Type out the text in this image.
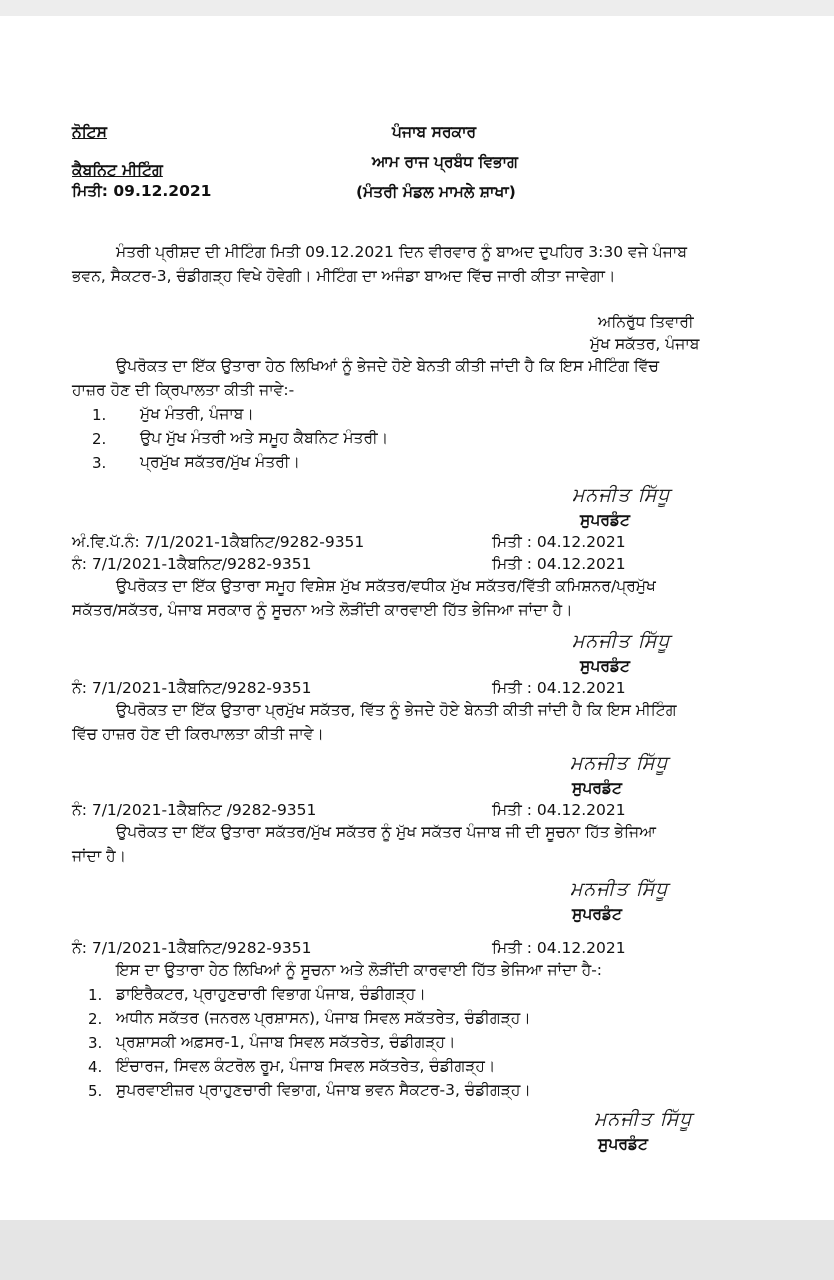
ਨੋਟਿਸ
ਕੈਬਨਿਟ ਮੀਟਿੰਗ
ਮਿਤੀ: 09.12.2021
ਪੰਜਾਬ ਸਰਕਾਰ
ਆਮ ਰਾਜ ਪ੍ਰਬੰਧ ਵਿਭਾਗ
(ਮੰਤਰੀ ਮੰਡਲ ਮਾਮਲੇ ਸ਼ਾਖਾ)
ਮੰਤਰੀ ਪ੍ਰੀਸ਼ਦ ਦੀ ਮੀਟਿੰਗ ਮਿਤੀ 09.12.2021 ਦਿਨ ਵੀਰਵਾਰ ਨੂੰ ਬਾਅਦ ਦੁਪਹਿਰ 3:30 ਵਜੇ ਪੰਜਾਬ
ਭਵਨ, ਸੈਕਟਰ-3, ਚੰਡੀਗੜ੍ਹ ਵਿਖੇ ਹੋਵੇਗੀ। ਮੀਟਿੰਗ ਦਾ ਅਜੰਡਾ ਬਾਅਦ ਵਿੱਚ ਜਾਰੀ ਕੀਤਾ ਜਾਵੇਗਾ।
ਅਨਿਰੁੱਧ ਤਿਵਾਰੀ
ਮੁੱਖ ਸਕੱਤਰ, ਪੰਜਾਬ
ਉਪਰੋਕਤ ਦਾ ਇੱਕ ਉਤਾਰਾ ਹੇਠ ਲਿਖਿਆਂ ਨੂੰ ਭੇਜਦੇ ਹੋਏ ਬੇਨਤੀ ਕੀਤੀ ਜਾਂਦੀ ਹੈ ਕਿ ਇਸ ਮੀਟਿੰਗ ਵਿੱਚ
ਹਾਜ਼ਰ ਹੋਣ ਦੀ ਕ੍ਰਿਪਾਲਤਾ ਕੀਤੀ ਜਾਵੇ:-
1. ਮੁੱਖ ਮੰਤਰੀ, ਪੰਜਾਬ।
2. ਉਪ ਮੁੱਖ ਮੰਤਰੀ ਅਤੇ ਸਮੂਹ ਕੈਬਨਿਟ ਮੰਤਰੀ।
3. ਪ੍ਰਮੁੱਖ ਸਕੱਤਰ/ਮੁੱਖ ਮੰਤਰੀ।
ਮਨਜੀਤ ਸਿੱਧੂ
ਸੁਪਰਡੰਟ
ਅੰ.ਵਿ.ਪੱ.ਨੰ: 7/1/2021-1ਕੈਬਨਿਟ/9282-9351	ਮਿਤੀ : 04.12.2021
ਨੰ: 7/1/2021-1ਕੈਬਨਿਟ/9282-9351	ਮਿਤੀ : 04.12.2021
ਉਪਰੋਕਤ ਦਾ ਇੱਕ ਉਤਾਰਾ ਸਮੂਹ ਵਿਸ਼ੇਸ਼ ਮੁੱਖ ਸਕੱਤਰ/ਵਧੀਕ ਮੁੱਖ ਸਕੱਤਰ/ਵਿੱਤੀ ਕਮਿਸ਼ਨਰ/ਪ੍ਰਮੁੱਖ
ਸਕੱਤਰ/ਸਕੱਤਰ, ਪੰਜਾਬ ਸਰਕਾਰ ਨੂੰ ਸੂਚਨਾ ਅਤੇ ਲੋੜੀਂਦੀ ਕਾਰਵਾਈ ਹਿੱਤ ਭੇਜਿਆ ਜਾਂਦਾ ਹੈ।
ਮਨਜੀਤ ਸਿੱਧੂ
ਸੁਪਰਡੰਟ
ਨੰ: 7/1/2021-1ਕੈਬਨਿਟ/9282-9351	ਮਿਤੀ : 04.12.2021
ਉਪਰੋਕਤ ਦਾ ਇੱਕ ਉਤਾਰਾ ਪ੍ਰਮੁੱਖ ਸਕੱਤਰ, ਵਿੱਤ ਨੂੰ ਭੇਜਦੇ ਹੋਏ ਬੇਨਤੀ ਕੀਤੀ ਜਾਂਦੀ ਹੈ ਕਿ ਇਸ ਮੀਟਿੰਗ
ਵਿੱਚ ਹਾਜ਼ਰ ਹੋਣ ਦੀ ਕਿਰਪਾਲਤਾ ਕੀਤੀ ਜਾਵੇ।
ਮਨਜੀਤ ਸਿੱਧੂ
ਸੁਪਰਡੰਟ
ਨੰ: 7/1/2021-1ਕੈਬਨਿਟ /9282-9351	ਮਿਤੀ : 04.12.2021
ਉਪਰੋਕਤ ਦਾ ਇੱਕ ਉਤਾਰਾ ਸਕੱਤਰ/ਮੁੱਖ ਸਕੱਤਰ ਨੂੰ ਮੁੱਖ ਸਕੱਤਰ ਪੰਜਾਬ ਜੀ ਦੀ ਸੂਚਨਾ ਹਿੱਤ ਭੇਜਿਆ
ਜਾਂਦਾ ਹੈ।
ਮਨਜੀਤ ਸਿੱਧੂ
ਸੁਪਰਡੰਟ
ਨੰ: 7/1/2021-1ਕੈਬਨਿਟ/9282-9351	ਮਿਤੀ : 04.12.2021
ਇਸ ਦਾ ਉਤਾਰਾ ਹੇਠ ਲਿਖਿਆਂ ਨੂੰ ਸੂਚਨਾ ਅਤੇ ਲੋੜੀਂਦੀ ਕਾਰਵਾਈ ਹਿੱਤ ਭੇਜਿਆ ਜਾਂਦਾ ਹੈ-:
1. ਡਾਇਰੈਕਟਰ, ਪ੍ਰਾਹੁਣਚਾਰੀ ਵਿਭਾਗ ਪੰਜਾਬ, ਚੰਡੀਗੜ੍ਹ।
2. ਅਧੀਨ ਸਕੱਤਰ (ਜਨਰਲ ਪ੍ਰਸ਼ਾਸਨ), ਪੰਜਾਬ ਸਿਵਲ ਸਕੱਤਰੇਤ, ਚੰਡੀਗੜ੍ਹ।
3. ਪ੍ਰਸ਼ਾਸਕੀ ਅਫ਼ਸਰ-1, ਪੰਜਾਬ ਸਿਵਲ ਸਕੱਤਰੇਤ, ਚੰਡੀਗੜ੍ਹ।
4. ਇੰਚਾਰਜ, ਸਿਵਲ ਕੰਟਰੋਲ ਰੂਮ, ਪੰਜਾਬ ਸਿਵਲ ਸਕੱਤਰੇਤ, ਚੰਡੀਗੜ੍ਹ।
5. ਸੁਪਰਵਾਈਜ਼ਰ ਪ੍ਰਾਹੁਣਚਾਰੀ ਵਿਭਾਗ, ਪੰਜਾਬ ਭਵਨ ਸੈਕਟਰ-3, ਚੰਡੀਗੜ੍ਹ।
ਮਨਜੀਤ ਸਿੱਧੂ
ਸੁਪਰਡੰਟ
